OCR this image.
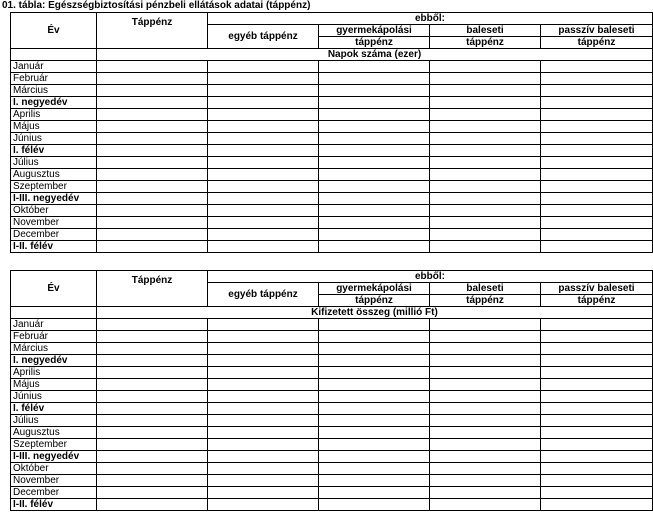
01. tábla: Egészségbiztosítási pénzbeli ellátások adatai (táppénz)
Év	Táppénz	ebből:			
		egyéb táppénz	gyermekápolási	baleseti	passzív baleseti
			táppénz	táppénz	táppénz
	Napok száma (ezer)				
Január					
Február					
Március					
I. negyedév					
Április					
Május					
Június					
I. félév					
Július					
Augusztus					
Szeptember					
I-III. negyedév					
Október					
November					
December					
I-II. félév					
Év	Táppénz	ebből:			
		egyéb táppénz	gyermekápolási	baleseti	passzív baleseti
			táppénz	táppénz	táppénz
	Kifizetett összeg (millió Ft)				
Január					
Február					
Március					
I. negyedév					
Április					
Május					
Június					
I. félév					
Július					
Augusztus					
Szeptember					
I-III. negyedév					
Október					
November					
December					
I-II. félév					
